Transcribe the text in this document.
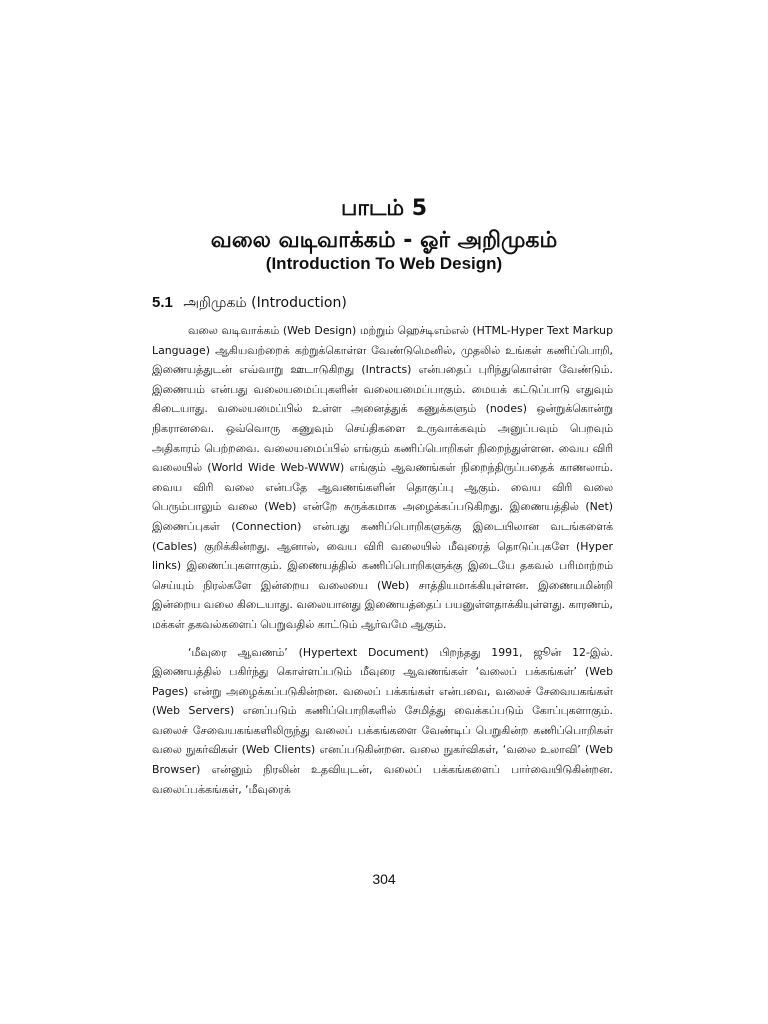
பாடம் 5
வலை வடிவாக்கம் - ஓர் அறிமுகம்
(Introduction To Web Design)
5.1 அறிமுகம் (Introduction)

வலை வடிவாக்கம் (Web Design) மற்றும் ஹெச்டிஎம்எல் (HTML-Hyper Text Markup Language) ஆகியவற்றைக் கற்றுக்கொள்ள வேண்டுமெனில், முதலில் உங்கள் கணிப்பொறி, இணையத்துடன் எவ்வாறு ஊடாடுகிறது (Intracts) என்பதைப் புரிந்துகொள்ள வேண்டும். இணையம் என்பது வலையமைப்புகளின் வலையமைப்பாகும். மையக் கட்டுப்பாடு எதுவும் கிடையாது. வலையமைப்பில் உள்ள அனைத்துக் கணுக்களும் (nodes) ஒன்றுக்கொன்று நிகரானவை. ஒவ்வொரு கணுவும் செய்திகளை உருவாக்கவும் அனுப்பவும் பெறவும் அதிகாரம் பெற்றவை. வலையமைப்பில் எங்கும் கணிப்பொறிகள் நிறைந்துள்ளன. வைய விரி வலையில் (World Wide Web-WWW) எங்கும் ஆவணங்கள் நிறைந்திருப்பதைக் காணலாம். வைய விரி வலை என்பதே ஆவணங்களின் தொகுப்பு ஆகும். வைய விரி வலை பெரும்பாலும் வலை (Web) என்றே சுருக்கமாக அழைக்கப்படுகிறது. இணையத்தில் (Net) இணைப்புகள் (Connection) என்பது கணிப்பொறிகளுக்கு இடையிலான வடங்களைக் (Cables) குறிக்கின்றது. ஆனால், வைய விரி வலையில் மீவுரைத் தொடுப்புகளே (Hyper links) இணைப்புகளாகும். இணையத்தில் கணிப்பொறிகளுக்கு இடையே தகவல் பரிமாற்றம் செய்யும் நிரல்களே இன்றைய வலையை (Web) சாத்தியமாக்கியுள்ளன. இணையமின்றி இன்றைய வலை கிடையாது. வலையானது இணையத்தைப் பயனுள்ளதாக்கியுள்ளது. காரணம், மக்கள் தகவல்களைப் பெறுவதில் காட்டும் ஆர்வமே ஆகும்.

‘மீவுரை ஆவணம்’ (Hypertext Document) பிறந்தது 1991, ஜூன் 12-இல். இணையத்தில் பகிர்ந்து கொள்ளப்படும் மீவுரை ஆவணங்கள் ‘வலைப் பக்கங்கள்’ (Web Pages) என்று அழைக்கப்படுகின்றன. வலைப் பக்கங்கள் என்பவை, வலைச் சேவையகங்கள் (Web Servers) எனப்படும் கணிப்பொறிகளில் சேமித்து வைக்கப்படும் கோப்புகளாகும். வலைச் சேவையகங்களிலிருந்து வலைப் பக்கங்களை வேண்டிப் பெறுகின்ற கணிப்பொறிகள் வலை நுகர்விகள் (Web Clients) எனப்படுகின்றன. வலை நுகர்விகள், ‘வலை உலாவி’ (Web Browser) என்னும் நிரலின் உதவியுடன், வலைப் பக்கங்களைப் பார்வையிடுகின்றன. வலைப்பக்கங்கள், ‘மீவுரைக்

304
